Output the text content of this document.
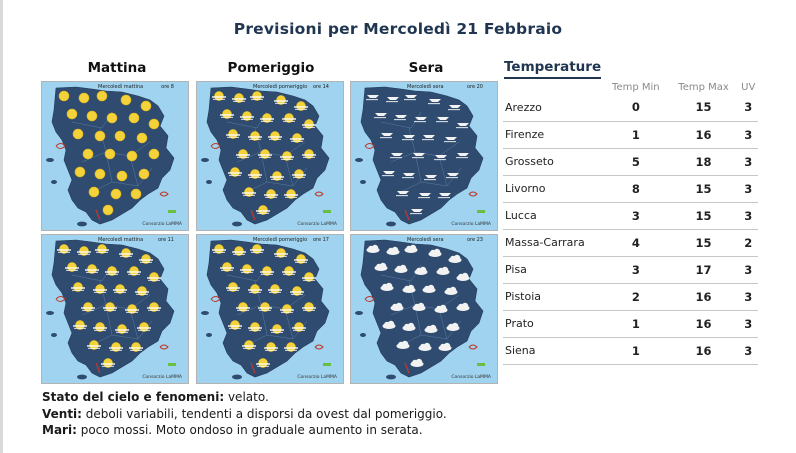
Previsioni per Mercoledì 21 Febbraio
Mattina	Pomeriggio	Sera
Mercoledì mattina	ore 8
Consorzio LaMMA
Mercoledì pomeriggio ore 14
Consorzio LaMMA
Mercoledì sera	ore 20
Consorzio LaMMA
Mercoledì mattina	ore 11
Consorzio LaMMA
Mercoledì pomeriggio ore 17
Consorzio LaMMA
Mercoledì sera	ore 23
Consorzio LaMMA
Temperature
	Temp Min	Temp Max	UV
Arezzo	0	15	3
Firenze	1	16	3
Grosseto	5	18	3
Livorno	8	15	3
Lucca	3	15	3
Massa-Carrara	4	15	2
Pisa	3	17	3
Pistoia	2	16	3
Prato	1	16	3
Siena	1	16	3
Stato del cielo e fenomeni: velato.
Venti: deboli variabili, tendenti a disporsi da ovest dal pomeriggio.
Mari: poco mossi. Moto ondoso in graduale aumento in serata.
